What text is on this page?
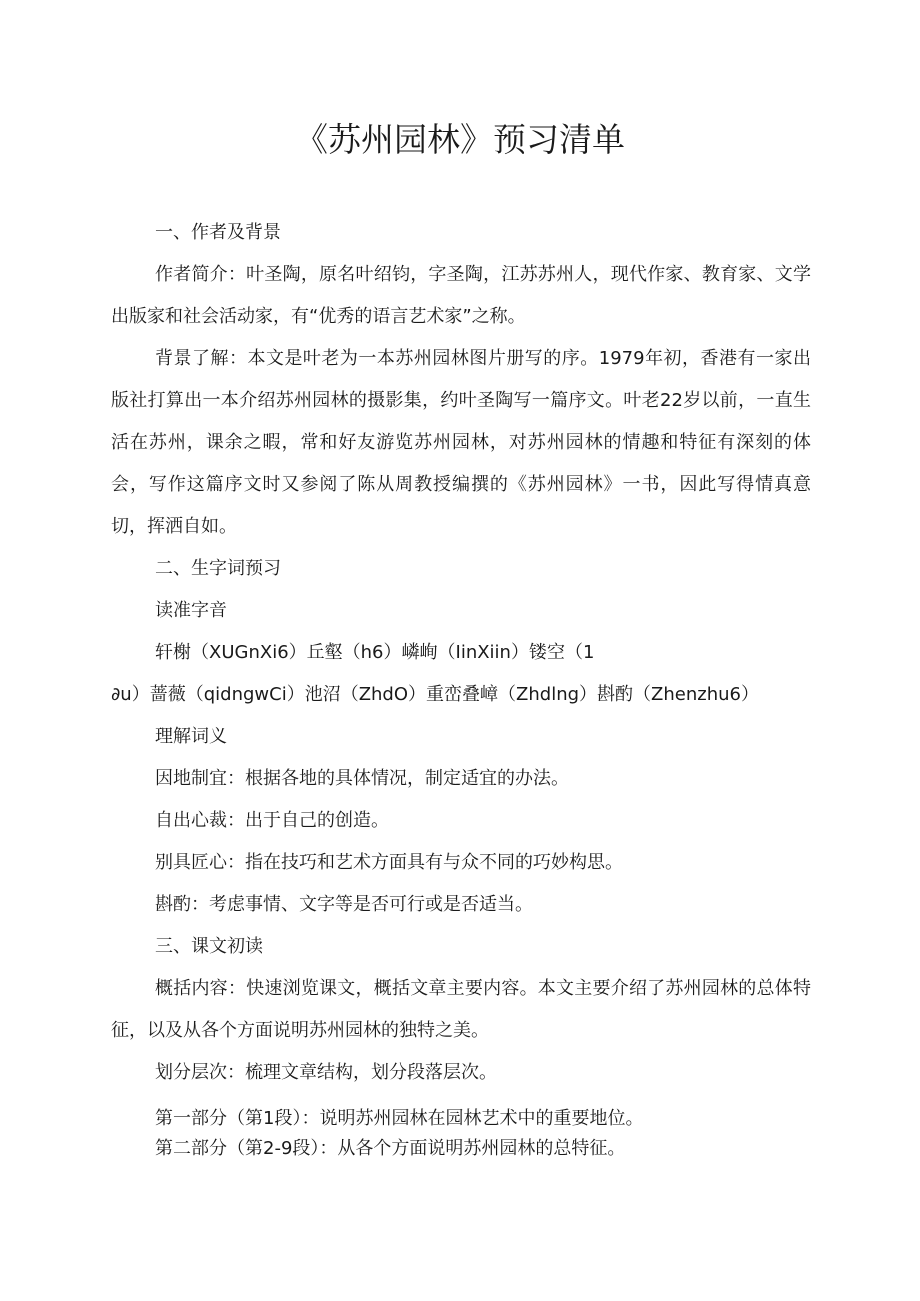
《苏州园林》预习清单

一、作者及背景

作者简介：叶圣陶，原名叶绍钧，字圣陶，江苏苏州人，现代作家、教育家、文学出版家和社会活动家，有“优秀的语言艺术家”之称。

背景了解：本文是叶老为一本苏州园林图片册写的序。1979年初，香港有一家出版社打算出一本介绍苏州园林的摄影集，约叶圣陶写一篇序文。叶老22岁以前，一直生活在苏州，课余之暇，常和好友游览苏州园林，对苏州园林的情趣和特征有深刻的体会，写作这篇序文时又参阅了陈从周教授编撰的《苏州园林》一书，因此写得情真意切，挥洒自如。

二、生字词预习

读准字音

轩榭（XUGnXi6）丘壑（h6）嶙峋（IinXiin）镂空（1

∂u）蔷薇（qidngwCi）池沼（ZhdO）重峦叠嶂（Zhdlng）斟酌（Zhenzhu6）

理解词义

因地制宜：根据各地的具体情况，制定适宜的办法。

自出心裁：出于自己的创造。

别具匠心：指在技巧和艺术方面具有与众不同的巧妙构思。

斟酌：考虑事情、文字等是否可行或是否适当。

三、课文初读

概括内容：快速浏览课文，概括文章主要内容。本文主要介绍了苏州园林的总体特征，以及从各个方面说明苏州园林的独特之美。

划分层次：梳理文章结构，划分段落层次。

第一部分（第1段）：说明苏州园林在园林艺术中的重要地位。

第二部分（第2-9段）：从各个方面说明苏州园林的总特征。
